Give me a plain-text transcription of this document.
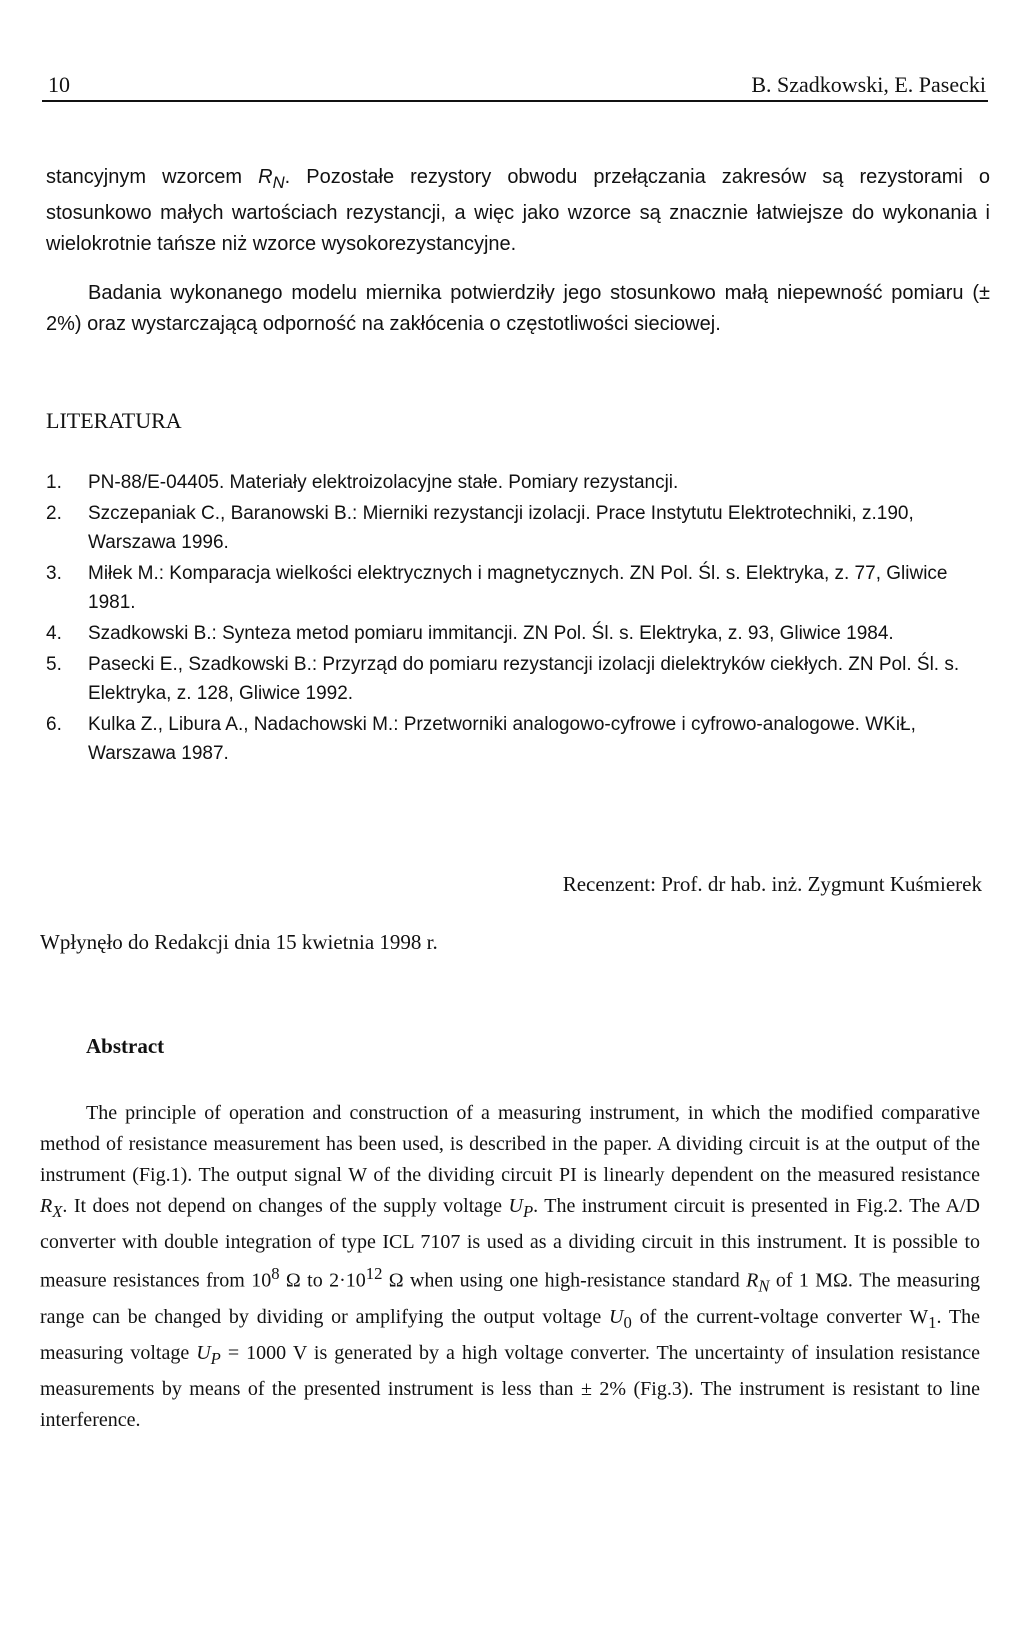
10	B. Szadkowski, E. Pasecki

stancyjnym wzorcem $R_N$. Pozostałe rezystory obwodu przełączania zakresów są rezystorami o stosunkowo małych wartościach rezystancji, a więc jako wzorce są znacznie łatwiejsze do wykonania i wielokrotnie tańsze niż wzorce wysokorezystancyjne.

Badania wykonanego modelu miernika potwierdziły jego stosunkowo małą niepewność pomiaru (± 2%) oraz wystarczającą odporność na zakłócenia o częstotliwości sieciowej.

LITERATURA
1.	PN-88/E-04405. Materiały elektroizolacyjne stałe. Pomiary rezystancji.
2.	Szczepaniak C., Baranowski B.: Mierniki rezystancji izolacji. Prace Instytutu Elektrotechniki, z.190, Warszawa 1996.
3.	Miłek M.: Komparacja wielkości elektrycznych i magnetycznych. ZN Pol. Śl. s. Elektryka, z. 77, Gliwice 1981.
4.	Szadkowski B.: Synteza metod pomiaru immitancji. ZN Pol. Śl. s. Elektryka, z. 93, Gliwice 1984.
5.	Pasecki E., Szadkowski B.: Przyrząd do pomiaru rezystancji izolacji dielektryków ciekłych. ZN Pol. Śl. s. Elektryka, z. 128, Gliwice 1992.
6.	Kulka Z., Libura A., Nadachowski M.: Przetworniki analogowo-cyfrowe i cyfrowo-analogowe. WKiŁ, Warszawa 1987.
Recenzent: Prof. dr hab. inż. Zygmunt Kuśmierek
Wpłynęło do Redakcji dnia 15 kwietnia 1998 r.
Abstract

The principle of operation and construction of a measuring instrument, in which the modified comparative method of resistance measurement has been used, is described in the paper. A dividing circuit is at the output of the instrument (Fig.1). The output signal W of the dividing circuit PI is linearly dependent on the measured resistance $R_X$. It does not depend on changes of the supply voltage $U_P$. The instrument circuit is presented in Fig.2. The A/D converter with double integration of type ICL 7107 is used as a dividing circuit in this instrument. It is possible to measure resistances from $10^8$ Ω to $2\cdot 10^{12}$ Ω when using one high-resistance standard $R_N$ of 1 MΩ. The measuring range can be changed by dividing or amplifying the output voltage $U_0$ of the current-voltage converter $W_1$. The measuring voltage $U_P = 1000$ V is generated by a high voltage converter. The uncertainty of insulation resistance measurements by means of the presented instrument is less than ± 2% (Fig.3). The instrument is resistant to line interference.
